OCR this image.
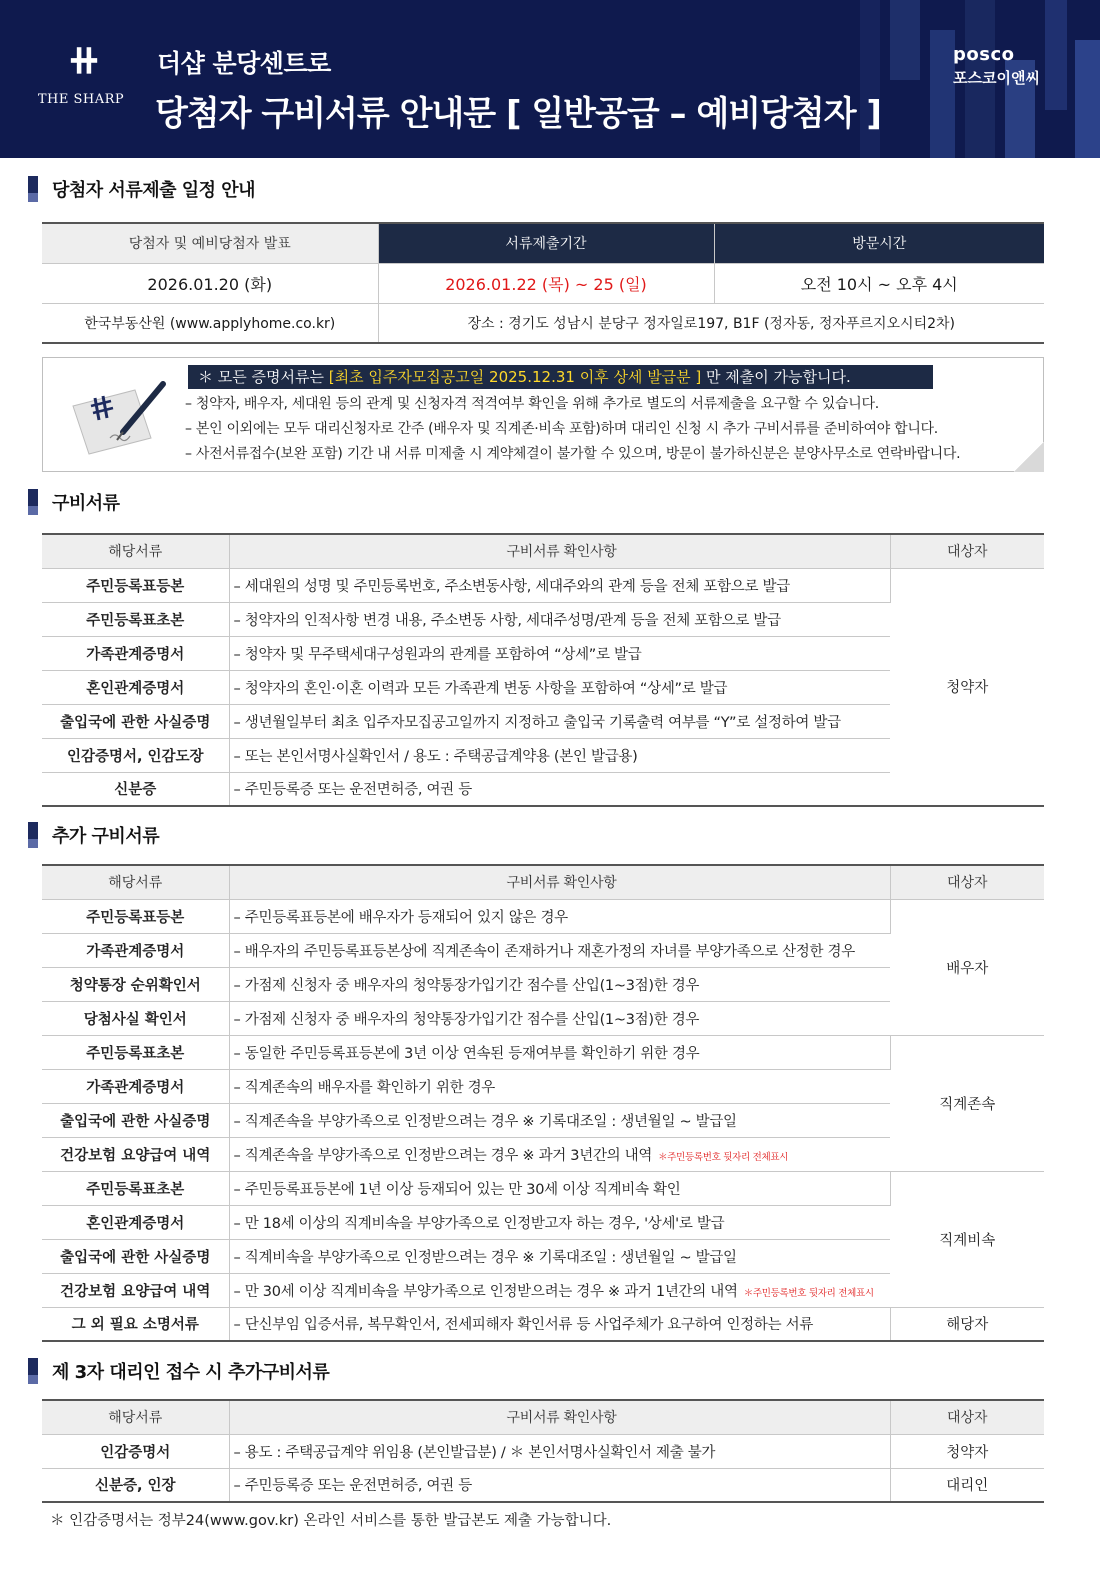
⧺
THE SHARP
더샵 분당센트로
당첨자 구비서류 안내문 [ 일반공급 – 예비당첨자 ]
posco
포스코이앤씨
당첨자 서류제출 일정 안내
당첨자 및 예비당첨자 발표	서류제출기간	방문시간
2026.01.20 (화)	2026.01.22 (목) ~ 25 (일)	오전 10시 ~ 오후 4시
한국부동산원 (www.applyhome.co.kr)	장소 : 경기도 성남시 분당구 정자일로197, B1F (정자동, 정자푸르지오시티2차)	
＊ 모든 증명서류는 [최초 입주자모집공고일 2025.12.31 이후 상세 발급분 ] 만 제출이 가능합니다.
– 청약자, 배우자, 세대원 등의 관계 및 신청자격 적격여부 확인을 위해 추가로 별도의 서류제출을 요구할 수 있습니다.
– 본인 이외에는 모두 대리신청자로 간주 (배우자 및 직계존·비속 포함)하며 대리인 신청 시 추가 구비서류를 준비하여야 합니다.
– 사전서류접수(보완 포함) 기간 내 서류 미제출 시 계약체결이 불가할 수 있으며, 방문이 불가하신분은 분양사무소로 연락바랍니다.
구비서류
해당서류	구비서류 확인사항	대상자
주민등록표등본	– 세대원의 성명 및 주민등록번호, 주소변동사항, 세대주와의 관계 등을 전체 포함으로 발급	청약자
주민등록표초본	– 청약자의 인적사항 변경 내용, 주소변동 사항, 세대주성명/관계 등을 전체 포함으로 발급	
가족관계증명서	– 청약자 및 무주택세대구성원과의 관계를 포함하여 “상세”로 발급	
혼인관계증명서	– 청약자의 혼인·이혼 이력과 모든 가족관계 변동 사항을 포함하여 “상세”로 발급	
출입국에 관한 사실증명	– 생년월일부터 최초 입주자모집공고일까지 지정하고 출입국 기록출력 여부를 “Y”로 설정하여 발급	
인감증명서, 인감도장	– 또는 본인서명사실확인서 / 용도 : 주택공급계약용 (본인 발급용)	
신분증	– 주민등록증 또는 운전면허증, 여권 등	
추가 구비서류
해당서류	구비서류 확인사항	대상자
주민등록표등본	– 주민등록표등본에 배우자가 등재되어 있지 않은 경우	배우자
가족관계증명서	– 배우자의 주민등록표등본상에 직계존속이 존재하거나 재혼가정의 자녀를 부양가족으로 산정한 경우	
청약통장 순위확인서	– 가점제 신청자 중 배우자의 청약통장가입기간 점수를 산입(1~3점)한 경우	
당첨사실 확인서	– 가점제 신청자 중 배우자의 청약통장가입기간 점수를 산입(1~3점)한 경우	
주민등록표초본	– 동일한 주민등록표등본에 3년 이상 연속된 등재여부를 확인하기 위한 경우	직계존속
가족관계증명서	– 직계존속의 배우자를 확인하기 위한 경우	
출입국에 관한 사실증명	– 직계존속을 부양가족으로 인정받으려는 경우 ※ 기록대조일 : 생년월일 ~ 발급일	
건강보험 요양급여 내역	– 직계존속을 부양가족으로 인정받으려는 경우 ※ 과거 3년간의 내역 ＊주민등록번호 뒷자리 전체표시	
주민등록표초본	– 주민등록표등본에 1년 이상 등재되어 있는 만 30세 이상 직계비속 확인	직계비속
혼인관계증명서	– 만 18세 이상의 직계비속을 부양가족으로 인정받고자 하는 경우, '상세'로 발급	
출입국에 관한 사실증명	– 직계비속을 부양가족으로 인정받으려는 경우 ※ 기록대조일 : 생년월일 ~ 발급일	
건강보험 요양급여 내역	– 만 30세 이상 직계비속을 부양가족으로 인정받으려는 경우 ※ 과거 1년간의 내역 ＊주민등록번호 뒷자리 전체표시	
그 외 필요 소명서류	– 단신부임 입증서류, 복무확인서, 전세피해자 확인서류 등 사업주체가 요구하여 인정하는 서류	해당자
제 3자 대리인 접수 시 추가구비서류
해당서류	구비서류 확인사항	대상자
인감증명서	– 용도 : 주택공급계약 위임용 (본인발급분) / ＊ 본인서명사실확인서 제출 불가	청약자
신분증, 인장	– 주민등록증 또는 운전면허증, 여권 등	대리인
＊ 인감증명서는 정부24(www.gov.kr) 온라인 서비스를 통한 발급본도 제출 가능합니다.
